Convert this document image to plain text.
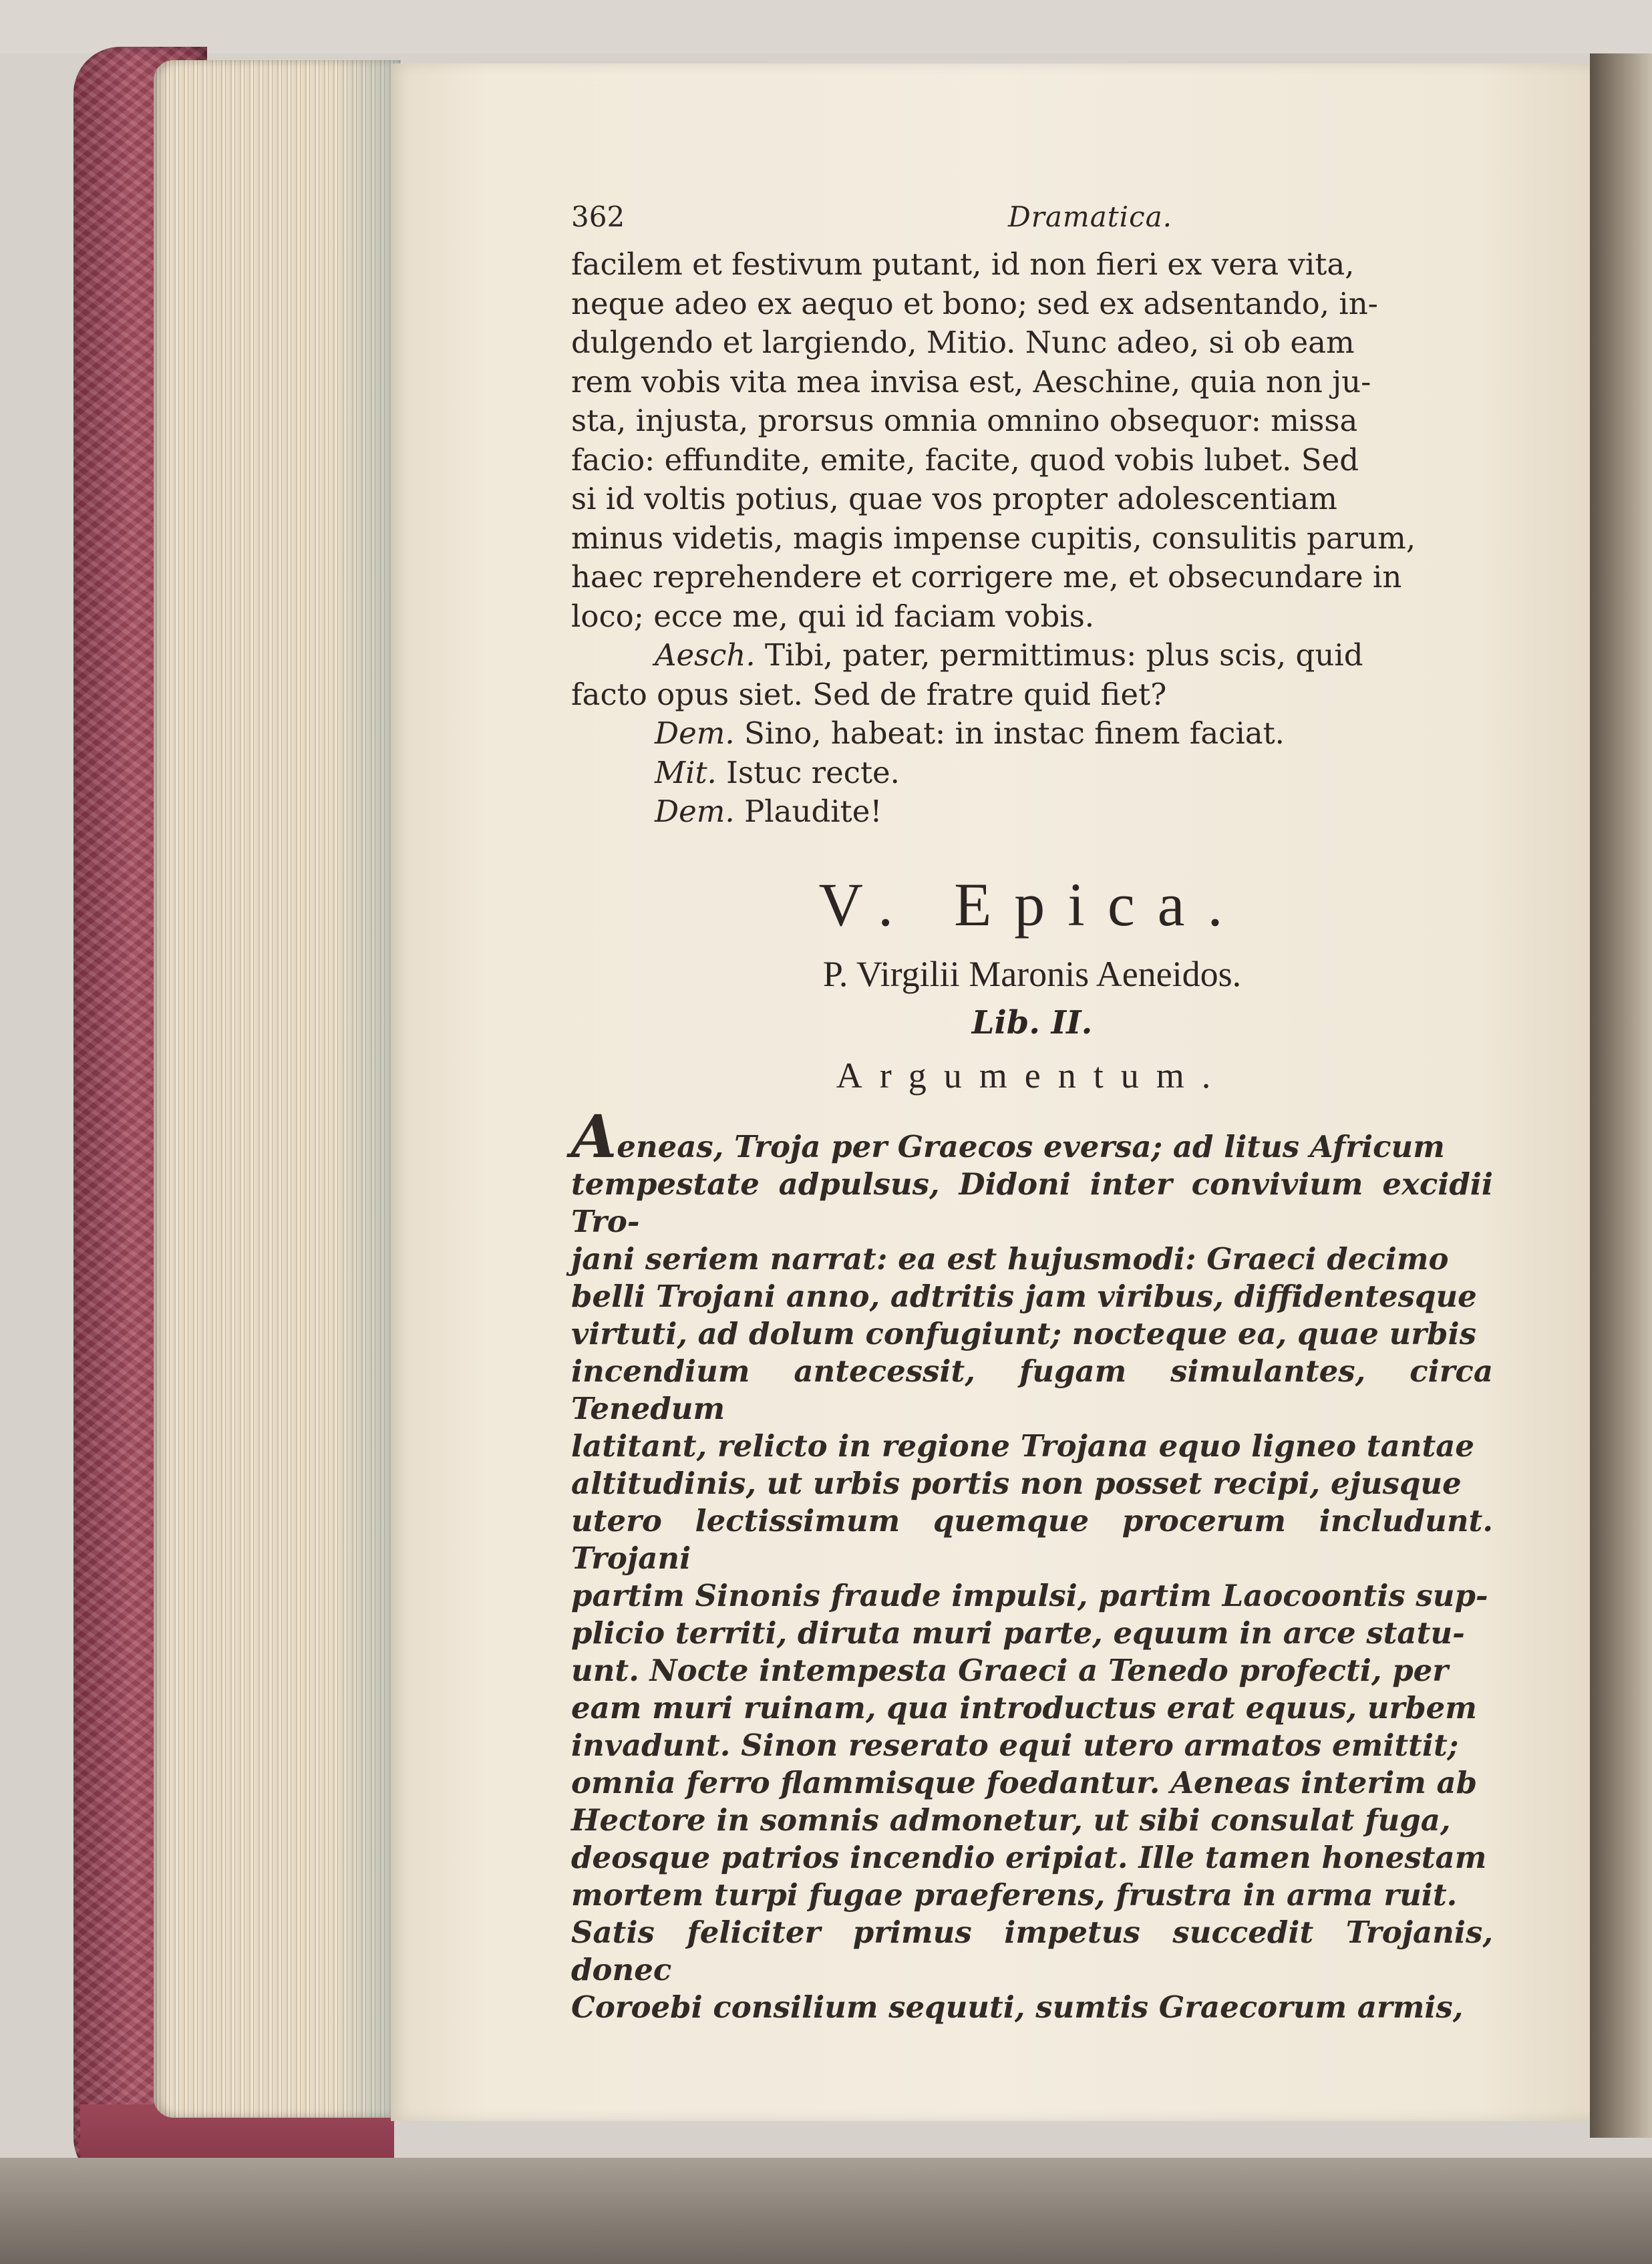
362	Dramatica.
facilem et festivum putant, id non fieri ex vera vita,
neque adeo ex aequo et bono; sed ex adsentando, in-
dulgendo et largiendo, Mitio. Nunc adeo, si ob eam
rem vobis vita mea invisa est, Aeschine, quia non ju-
sta, injusta, prorsus omnia omnino obsequor: missa
facio: effundite, emite, facite, quod vobis lubet. Sed
si id voltis potius, quae vos propter adolescentiam
minus videtis, magis impense cupitis, consulitis parum,
haec reprehendere et corrigere me, et obsecundare in
loco; ecce me, qui id faciam vobis.
Aesch. Tibi, pater, permittimus: plus scis, quid
facto opus siet. Sed de fratre quid fiet?
Dem. Sino, habeat: in instac finem faciat.
Mit. Istuc recte.
Dem. Plaudite!
V. Epica.
P. Virgilii Maronis Aeneidos.
Lib. II.
Argumentum.
Aeneas, Troja per Graecos eversa; ad litus Africum
tempestate adpulsus, Didoni inter convivium excidii Tro-
jani seriem narrat: ea est hujusmodi: Graeci decimo
belli Trojani anno, adtritis jam viribus, diffidentesque
virtuti, ad dolum confugiunt; nocteque ea, quae urbis
incendium antecessit, fugam simulantes, circa Tenedum
latitant, relicto in regione Trojana equo ligneo tantae
altitudinis, ut urbis portis non posset recipi, ejusque
utero lectissimum quemque procerum includunt. Trojani
partim Sinonis fraude impulsi, partim Laocoontis sup-
plicio territi, diruta muri parte, equum in arce statu-
unt. Nocte intempesta Graeci a Tenedo profecti, per
eam muri ruinam, qua introductus erat equus, urbem
invadunt. Sinon reserato equi utero armatos emittit;
omnia ferro flammisque foedantur. Aeneas interim ab
Hectore in somnis admonetur, ut sibi consulat fuga,
deosque patrios incendio eripiat. Ille tamen honestam
mortem turpi fugae praeferens, frustra in arma ruit.
Satis feliciter primus impetus succedit Trojanis, donec
Coroebi consilium sequuti, sumtis Graecorum armis,
